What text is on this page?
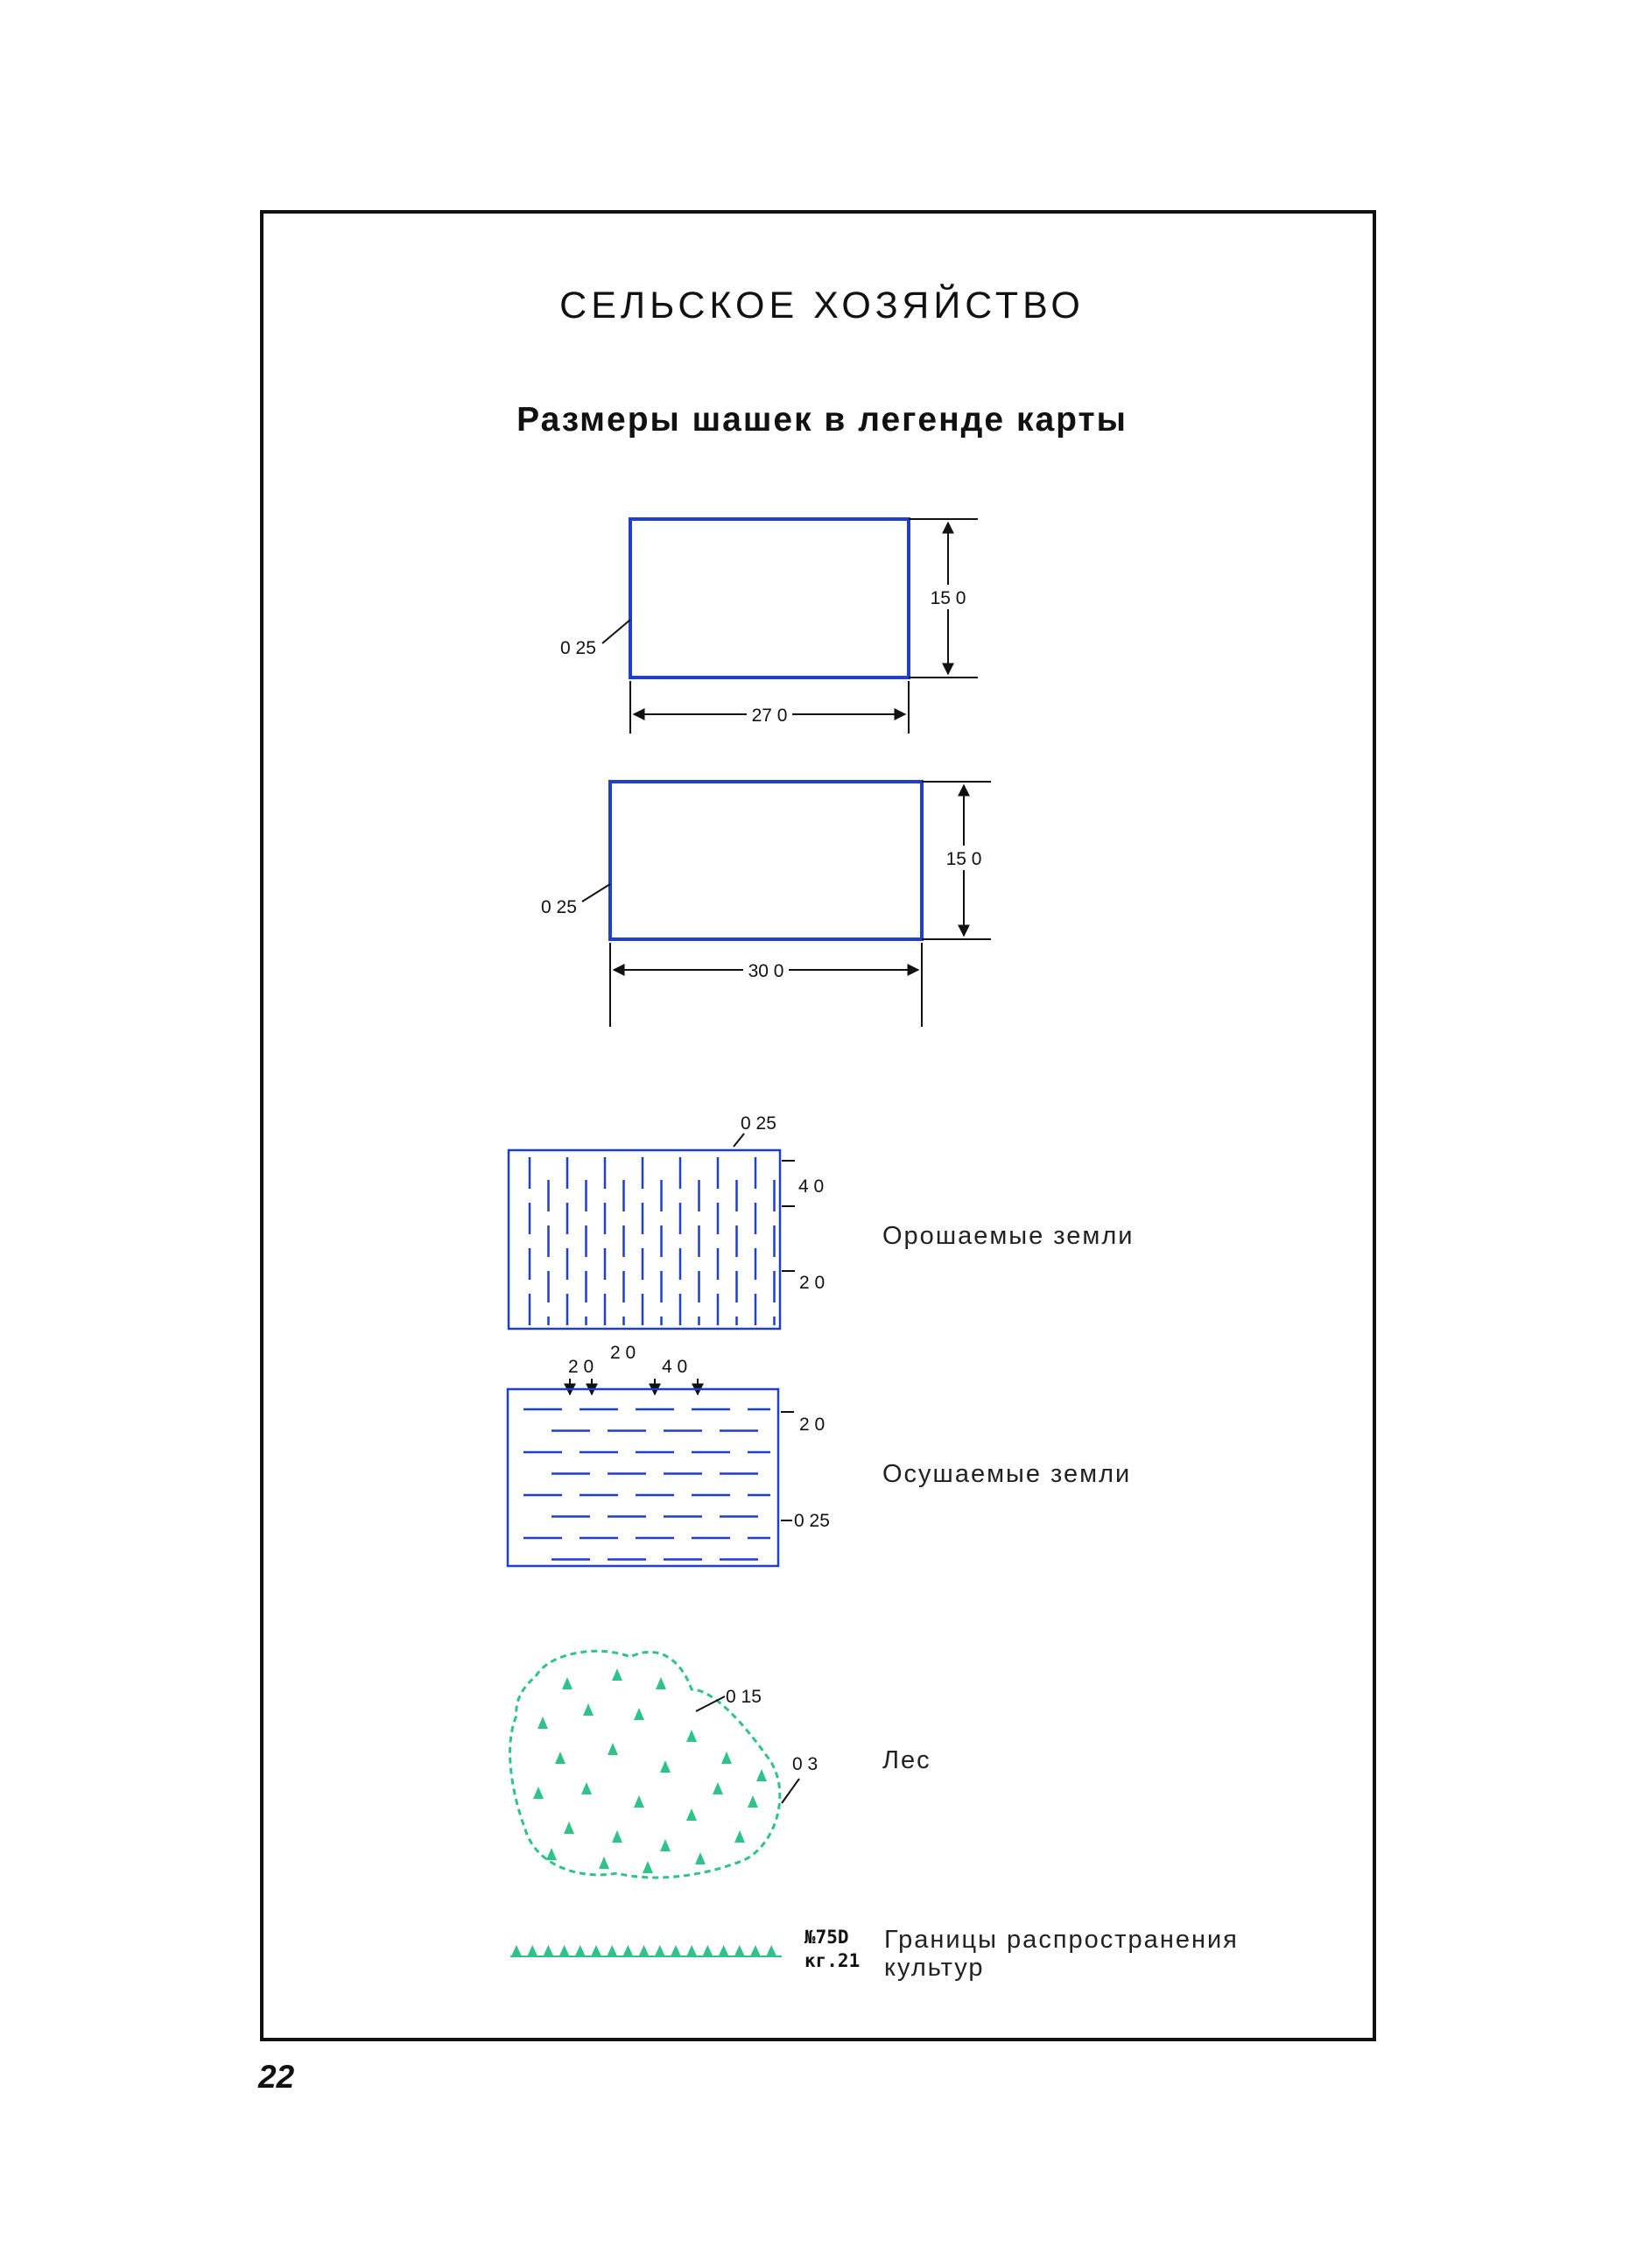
СЕЛЬСКОЕ ХОЗЯЙСТВО
Размеры шашек в легенде карты
15 0
27 0
0 25
15 0
30 0
0 25
0 25
4 0
2 0
2 0
2 0	4 0
2 0
0 25
0 15
0 3
Орошаемые земли
Осушаемые земли
Лес
Границы распространения
культур
№75D
кг.21
22
